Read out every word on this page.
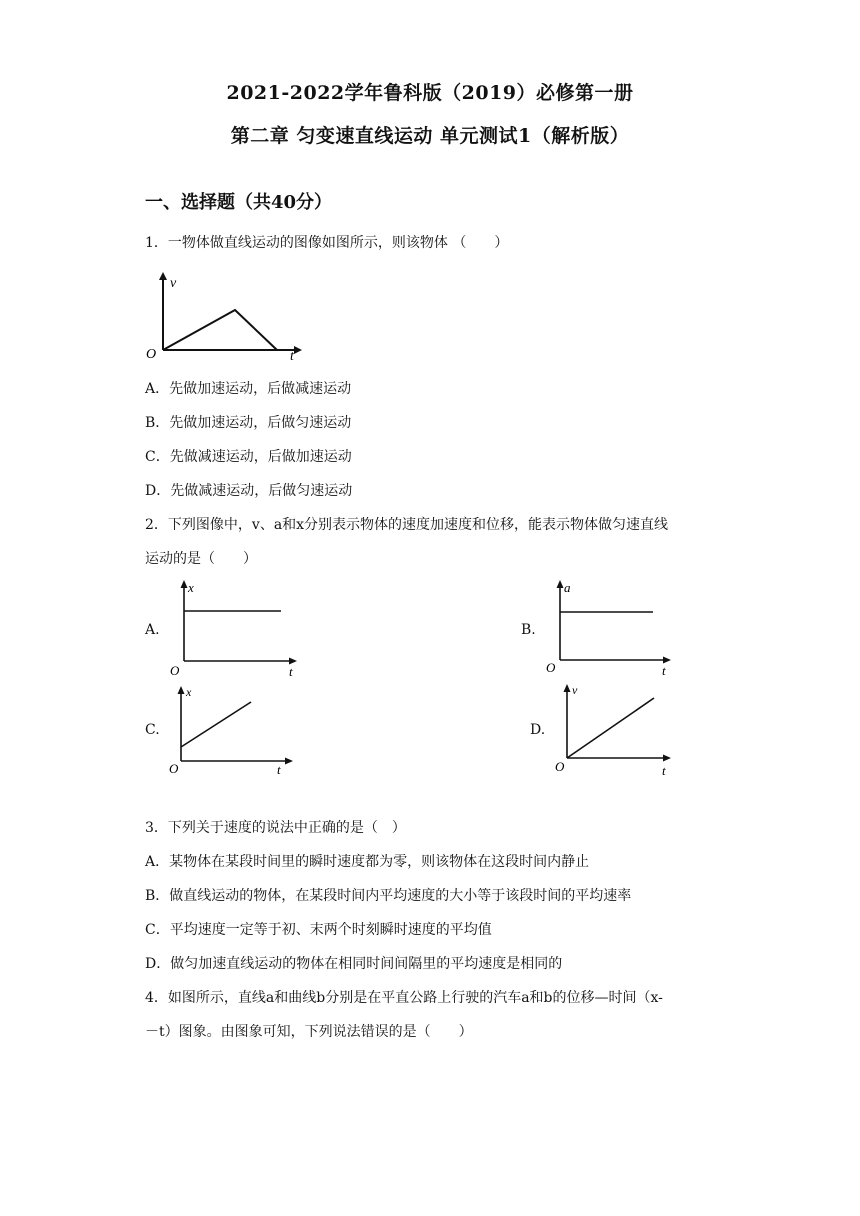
2021-2022学年鲁科版（2019）必修第一册
第二章 匀变速直线运动 单元测试1（解析版）
一、选择题（共40分）
1．一物体做直线运动的图像如图所示，则该物体 （　　）
v
t
O
A．先做加速运动，后做减速运动
B．先做加速运动，后做匀速运动
C．先做减速运动，后做加速运动
D．先做减速运动，后做匀速运动
2．下列图像中，v、a和x分别表示物体的速度加速度和位移，能表示物体做匀速直线
运动的是（　　）
A.
x
t
O
B.
a
t
O
C.
x
t
O
D.
v
t
O
3．下列关于速度的说法中正确的是（　）
A．某物体在某段时间里的瞬时速度都为零，则该物体在这段时间内静止
B．做直线运动的物体，在某段时间内平均速度的大小等于该段时间的平均速率
C．平均速度一定等于初、末两个时刻瞬时速度的平均值
D．做匀加速直线运动的物体在相同时间间隔里的平均速度是相同的
4．如图所示，直线a和曲线b分别是在平直公路上行驶的汽车a和b的位移—时间（x-
－t）图象。由图象可知，下列说法错误的是（　　）
